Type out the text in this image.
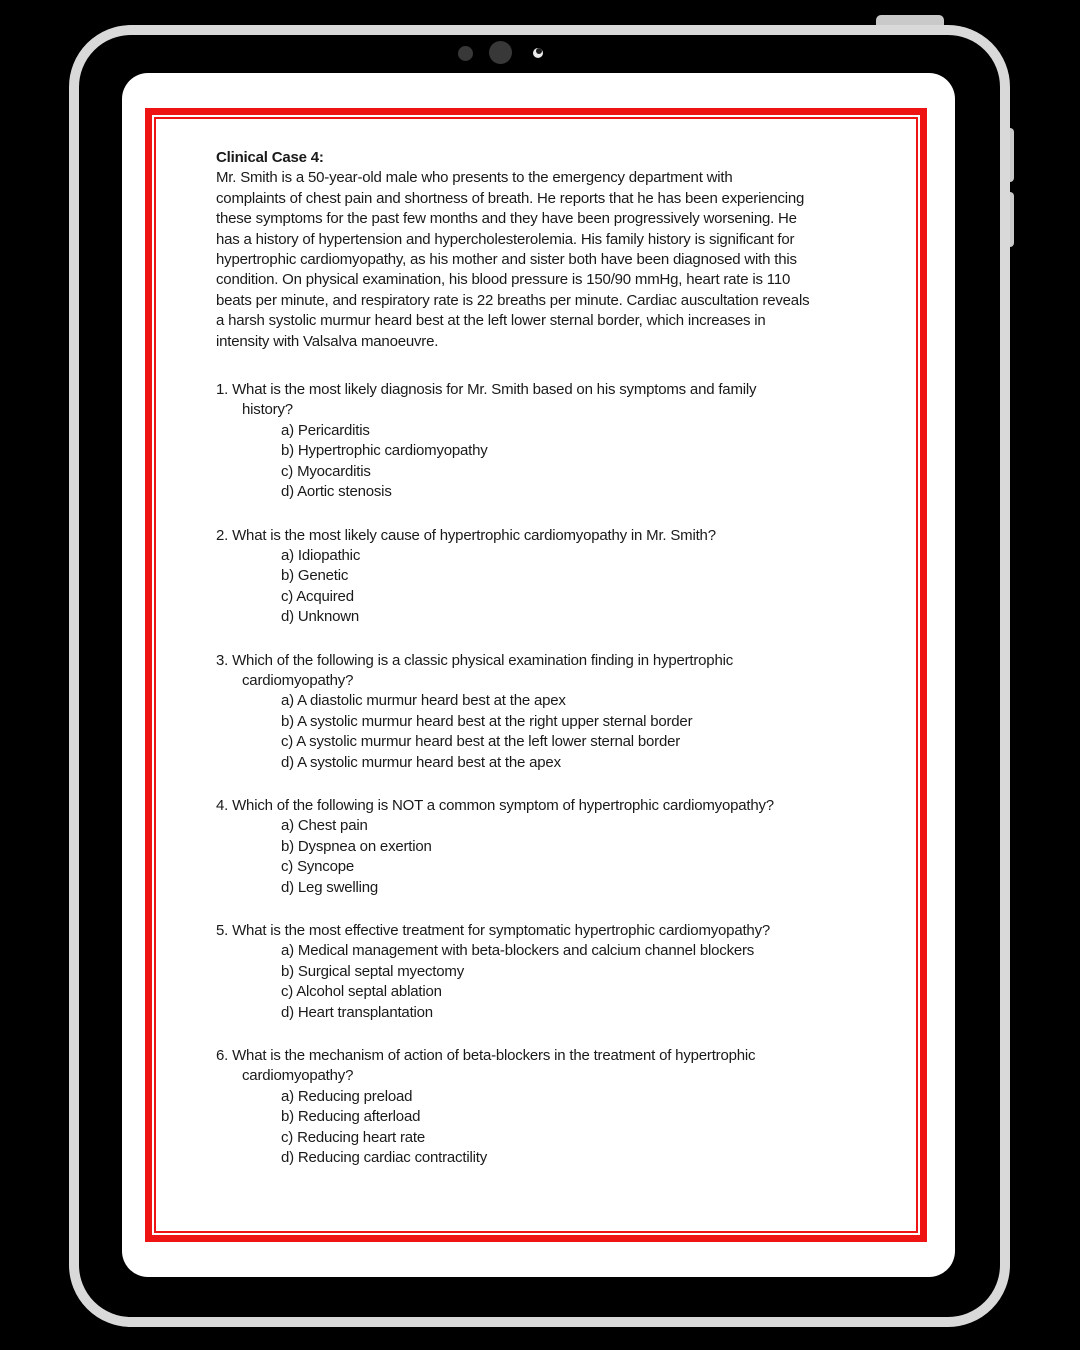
Clinical Case 4:
Mr. Smith is a 50-year-old male who presents to the emergency department with
complaints of chest pain and shortness of breath. He reports that he has been experiencing
these symptoms for the past few months and they have been progressively worsening. He
has a history of hypertension and hypercholesterolemia. His family history is significant for
hypertrophic cardiomyopathy, as his mother and sister both have been diagnosed with this
condition. On physical examination, his blood pressure is 150/90 mmHg, heart rate is 110
beats per minute, and respiratory rate is 22 breaths per minute. Cardiac auscultation reveals
a harsh systolic murmur heard best at the left lower sternal border, which increases in
intensity with Valsalva manoeuvre.
1. What is the most likely diagnosis for Mr. Smith based on his symptoms and family
history?
a) Pericarditis
b) Hypertrophic cardiomyopathy
c) Myocarditis
d) Aortic stenosis
2. What is the most likely cause of hypertrophic cardiomyopathy in Mr. Smith?
a) Idiopathic
b) Genetic
c) Acquired
d) Unknown
3. Which of the following is a classic physical examination finding in hypertrophic
cardiomyopathy?
a) A diastolic murmur heard best at the apex
b) A systolic murmur heard best at the right upper sternal border
c) A systolic murmur heard best at the left lower sternal border
d) A systolic murmur heard best at the apex
4. Which of the following is NOT a common symptom of hypertrophic cardiomyopathy?
a) Chest pain
b) Dyspnea on exertion
c) Syncope
d) Leg swelling
5. What is the most effective treatment for symptomatic hypertrophic cardiomyopathy?
a) Medical management with beta-blockers and calcium channel blockers
b) Surgical septal myectomy
c) Alcohol septal ablation
d) Heart transplantation
6. What is the mechanism of action of beta-blockers in the treatment of hypertrophic
cardiomyopathy?
a) Reducing preload
b) Reducing afterload
c) Reducing heart rate
d) Reducing cardiac contractility
